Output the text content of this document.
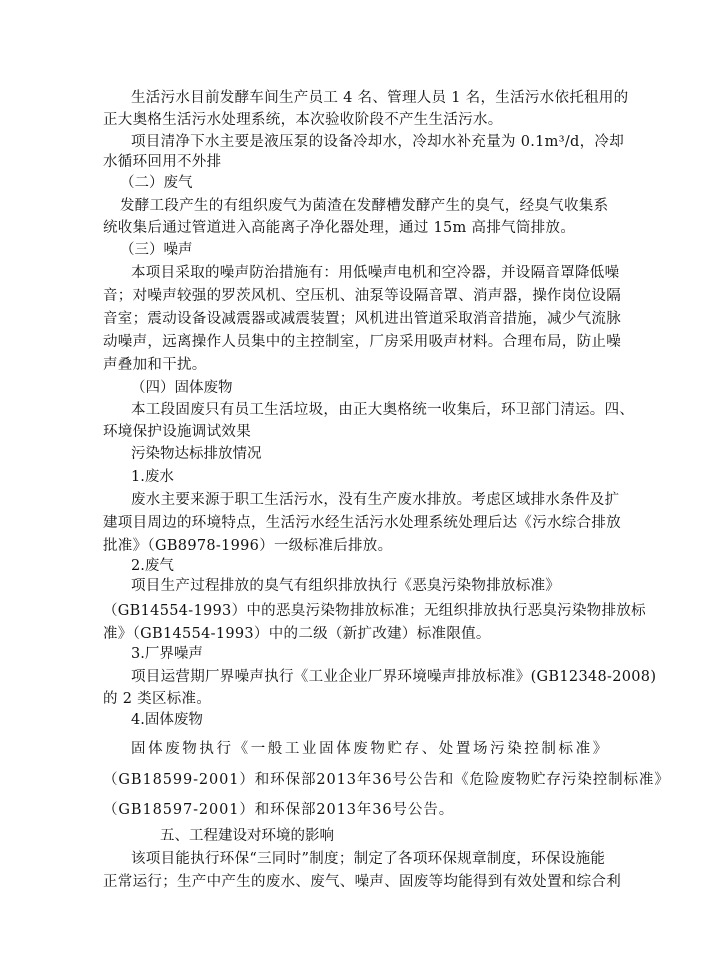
生活污水目前发酵车间生产员工 4 名、管理人员 1 名，生活污水依托租用的
正大奥格生活污水处理系统，本次验收阶段不产生生活污水。
项目清净下水主要是液压泵的设备冷却水，冷却水补充量为 0.1m³/d，冷却
水循环回用不外排
（二）废气
发酵工段产生的有组织废气为菌渣在发酵槽发酵产生的臭气，经臭气收集系
统收集后通过管道进入高能离子净化器处理，通过 15m 高排气筒排放。
（三）噪声
本项目采取的噪声防治措施有：用低噪声电机和空冷器，并设隔音罩降低噪
音；对噪声较强的罗茨风机、空压机、油泵等设隔音罩、消声器，操作岗位设隔
音室；震动设备设减震器或减震装置；风机进出管道采取消音措施，减少气流脉
动噪声，远离操作人员集中的主控制室，厂房采用吸声材料。合理布局，防止噪
声叠加和干扰。
（四）固体废物
本工段固废只有员工生活垃圾，由正大奥格统一收集后，环卫部门清运。四、
环境保护设施调试效果
污染物达标排放情况
1.废水
废水主要来源于职工生活污水，没有生产废水排放。考虑区域排水条件及扩
建项目周边的环境特点，生活污水经生活污水处理系统处理后达《污水综合排放
批准》（GB8978-1996）一级标准后排放。
2.废气
项目生产过程排放的臭气有组织排放执行《恶臭污染物排放标准》
（GB14554-1993）中的恶臭污染物排放标准；无组织排放执行恶臭污染物排放标
准》（GB14554-1993）中的二级（新扩改建）标准限值。
3.厂界噪声
项目运营期厂界噪声执行《工业企业厂界环境噪声排放标准》(GB12348-2008)
的 2 类区标准。
4.固体废物
固体废物执行《一般工业固体废物贮存、处置场污染控制标准》
（GB18599-2001）和环保部2013年36号公告和《危险废物贮存污染控制标准》
（GB18597-2001）和环保部2013年36号公告。
五、工程建设对环境的影响
该项目能执行环保“三同时”制度；制定了各项环保规章制度，环保设施能
正常运行；生产中产生的废水、废气、噪声、固废等均能得到有效处置和综合利
